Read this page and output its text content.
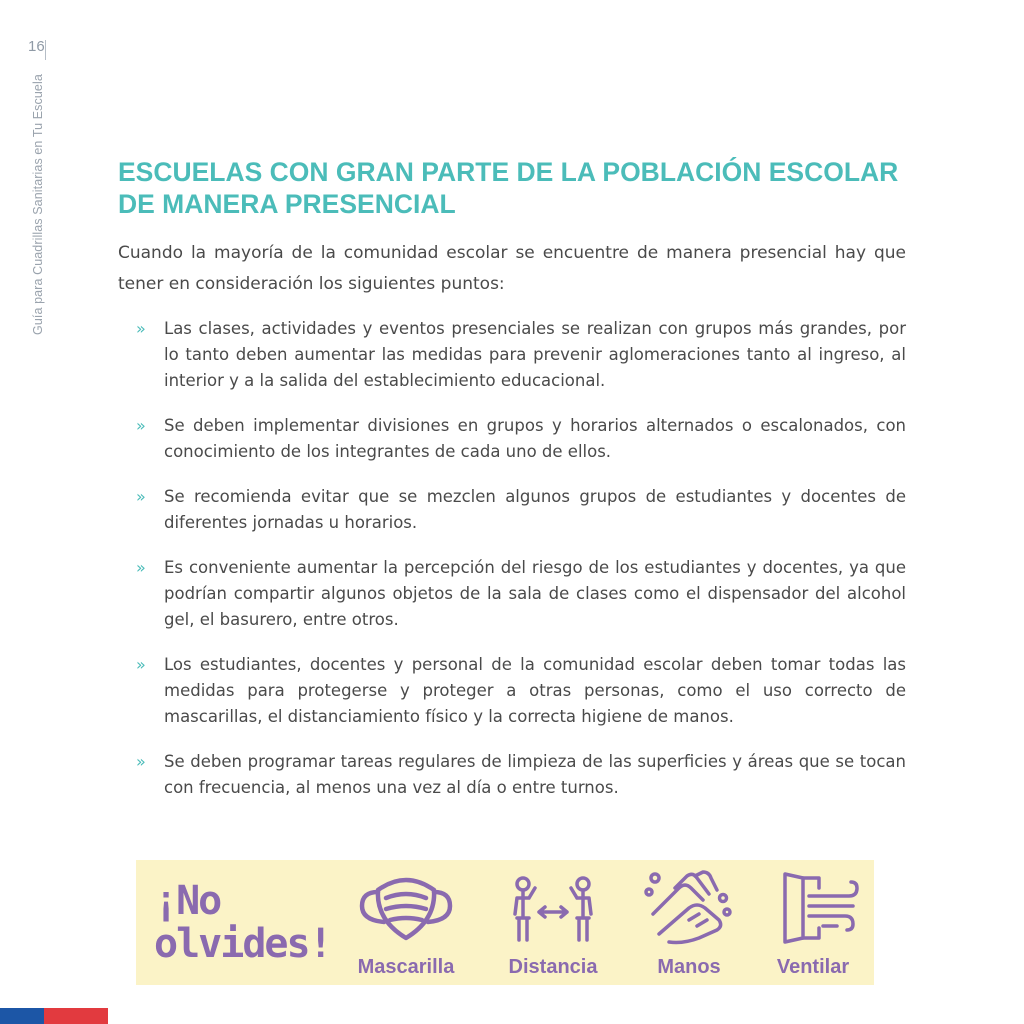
16
Guía para Cuadrillas Sanitarias en Tu Escuela	ESCUELAS CON GRAN PARTE DE LA POBLACIÓN ESCOLAR
DE MANERA PRESENCIAL

Cuando la mayoría de la comunidad escolar se encuentre de manera presencial hay que tener en consideración los siguientes puntos:

» Las clases, actividades y eventos presenciales se realizan con grupos más grandes, por lo tanto deben aumentar las medidas para prevenir aglomeraciones tanto al ingreso, al interior y a la salida del establecimiento educacional.
» Se deben implementar divisiones en grupos y horarios alternados o escalonados, con conocimiento de los integrantes de cada uno de ellos.
» Se recomienda evitar que se mezclen algunos grupos de estudiantes y docentes de diferentes jornadas u horarios.
» Es conveniente aumentar la percepción del riesgo de los estudiantes y docentes, ya que podrían compartir algunos objetos de la sala de clases como el dispensador del alcohol gel, el basurero, entre otros.
» Los estudiantes, docentes y personal de la comunidad escolar deben tomar todas las medidas para protegerse y proteger a otras personas, como el uso correcto de mascarillas, el distanciamiento físico y la correcta higiene de manos.
» Se deben programar tareas regulares de limpieza de las superficies y áreas que se tocan con frecuencia, al menos una vez al día o entre turnos.
¡No
olvides!	Mascarilla	Distancia	Manos	Ventilar
